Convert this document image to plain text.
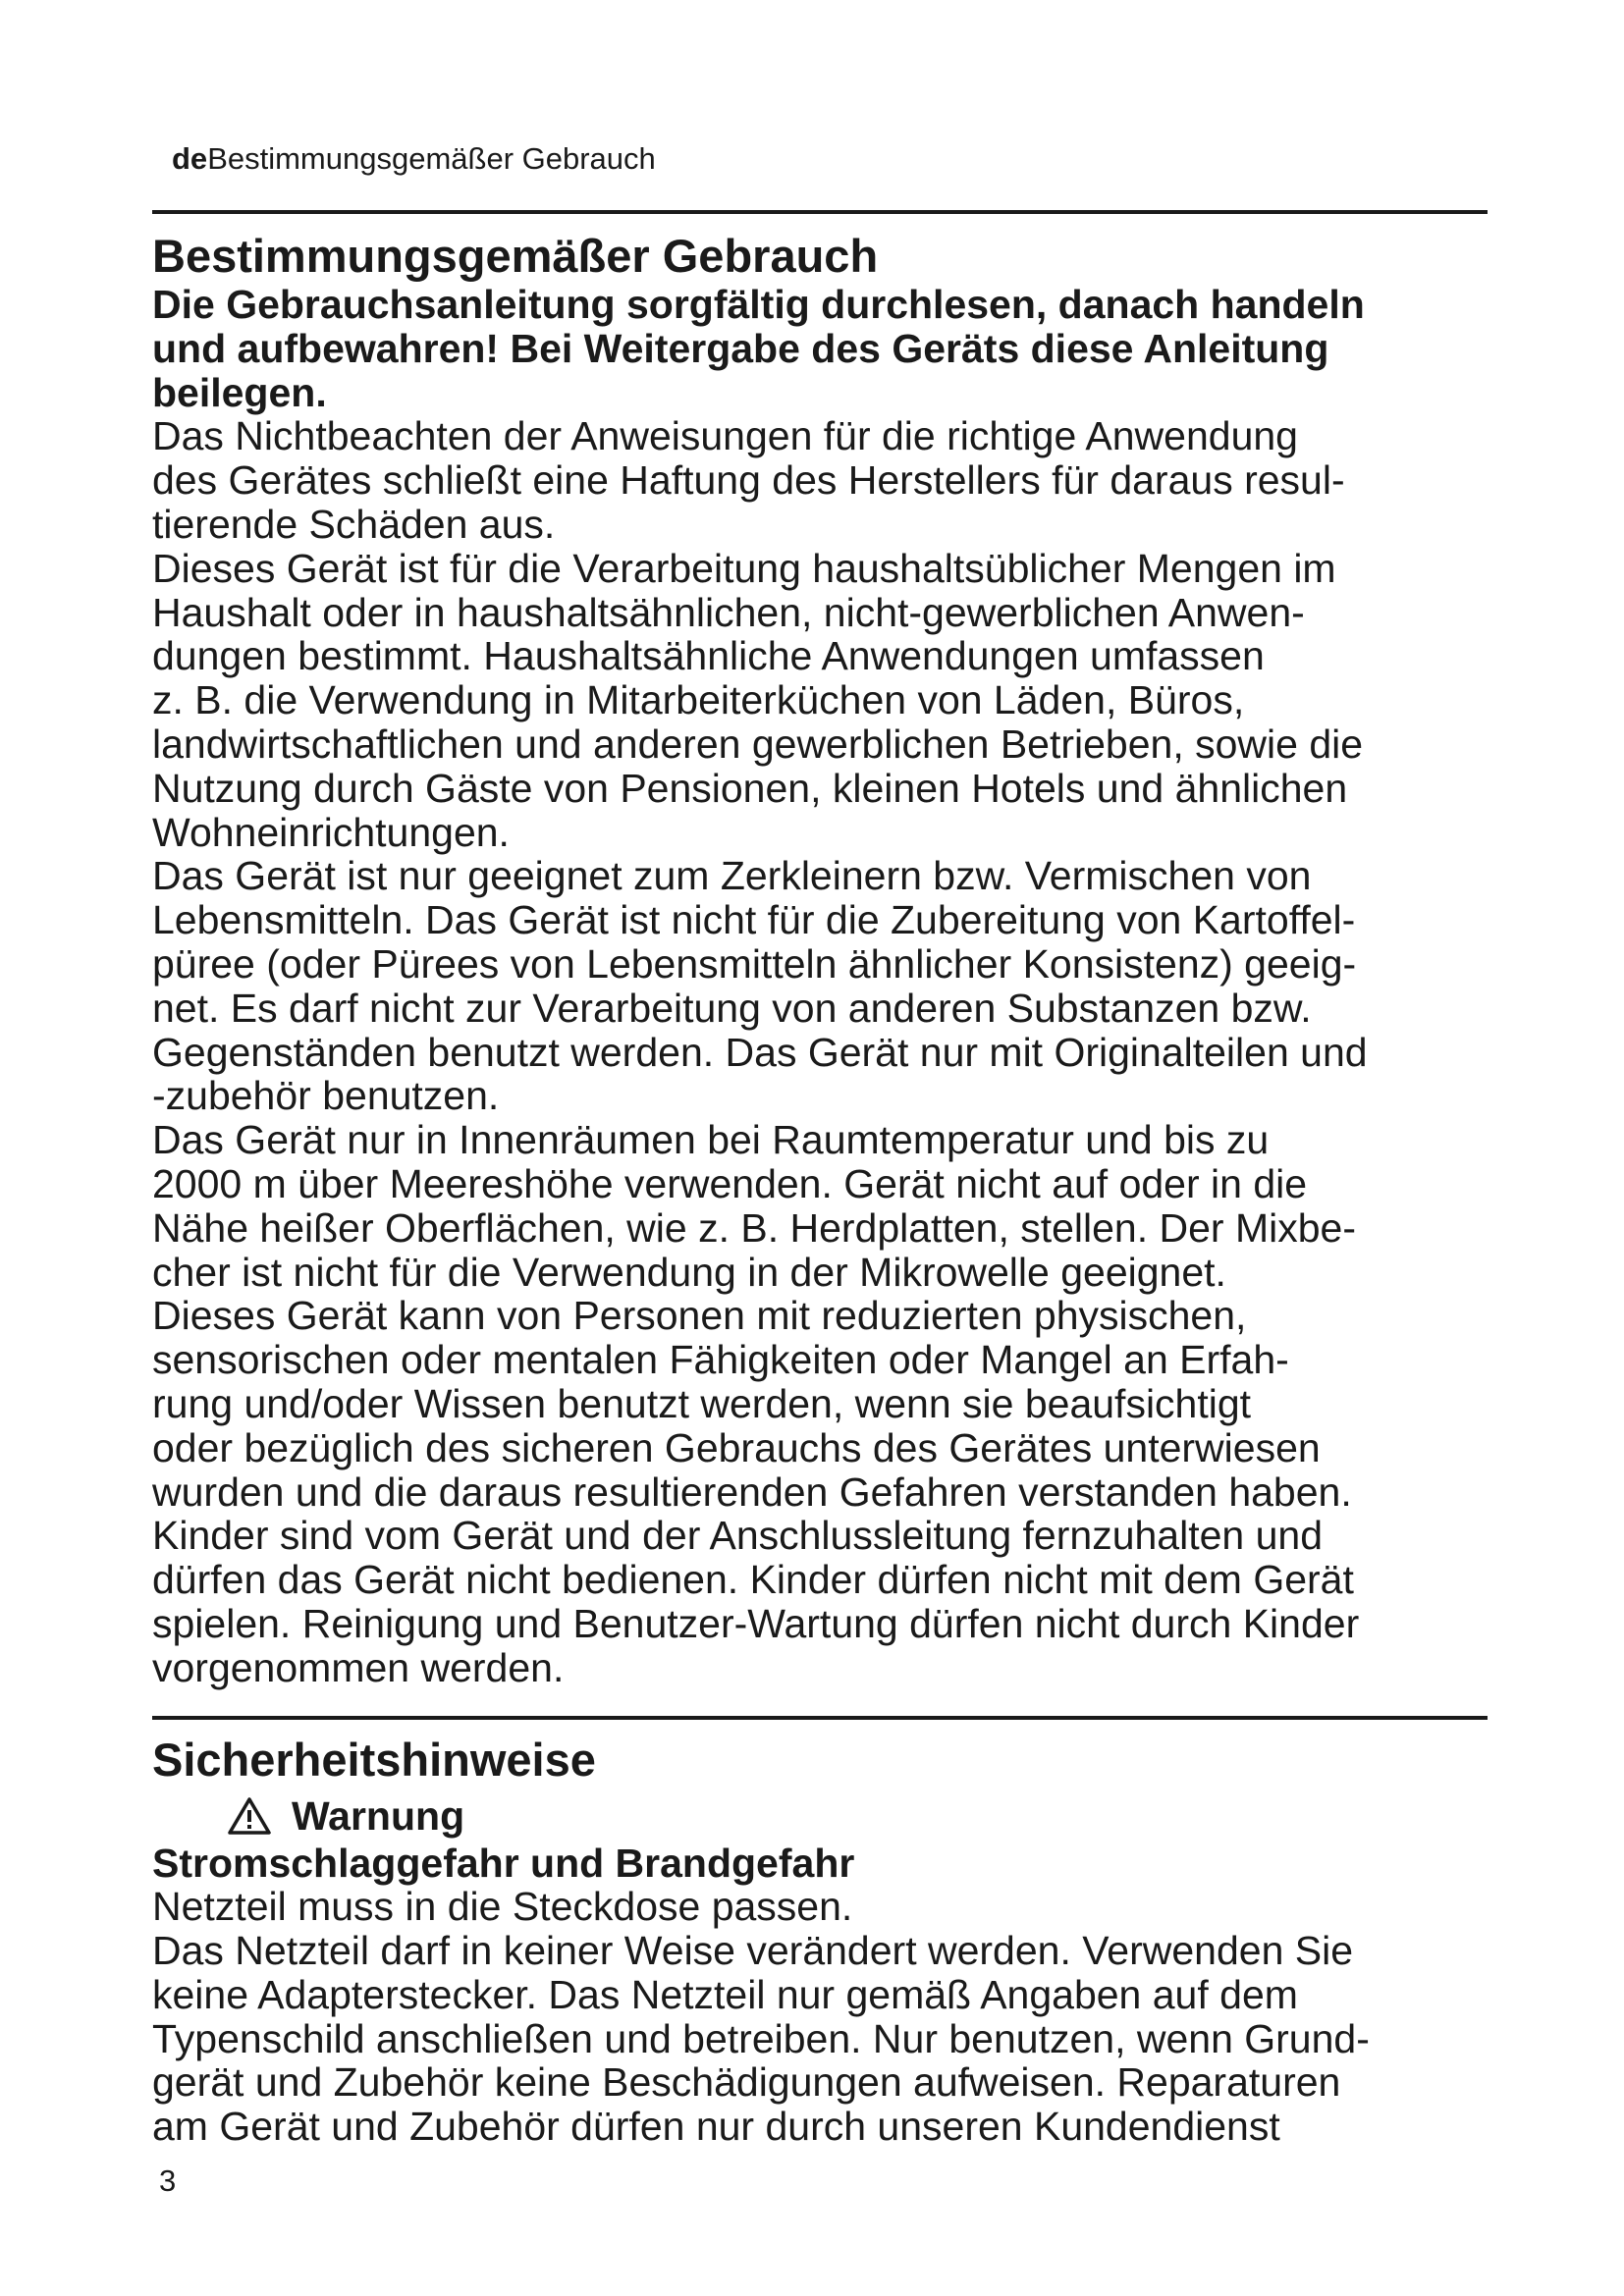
deBestimmungsgemäßer Gebrauch
Bestimmungsgemäßer Gebrauch

Die Gebrauchsanleitung sorgfältig durchlesen, danach handeln
und aufbewahren! Bei Weitergabe des Geräts diese Anleitung
beilegen.

Das Nichtbeachten der Anweisungen für die richtige Anwendung
des Gerätes schließt eine Haftung des Herstellers für daraus resul-
tierende Schäden aus.

Dieses Gerät ist für die Verarbeitung haushaltsüblicher Mengen im
Haushalt oder in haushaltsähnlichen, nicht-gewerblichen Anwen-
dungen bestimmt. Haushaltsähnliche Anwendungen umfassen
z. B. die Verwendung in Mitarbeiterküchen von Läden, Büros,
landwirtschaftlichen und anderen gewerblichen Betrieben, sowie die
Nutzung durch Gäste von Pensionen, kleinen Hotels und ähnlichen
Wohneinrichtungen.

Das Gerät ist nur geeignet zum Zerkleinern bzw. Vermischen von
Lebensmitteln. Das Gerät ist nicht für die Zubereitung von Kartoffel-
püree (oder Pürees von Lebensmitteln ähnlicher Konsistenz) geeig-
net. Es darf nicht zur Verarbeitung von anderen Substanzen bzw.
Gegenständen benutzt werden. Das Gerät nur mit Originalteilen und
-zubehör benutzen.

Das Gerät nur in Innenräumen bei Raumtemperatur und bis zu
2000 m über Meereshöhe verwenden. Gerät nicht auf oder in die
Nähe heißer Oberflächen, wie z. B. Herdplatten, stellen. Der Mixbe-
cher ist nicht für die Verwendung in der Mikrowelle geeignet.

Dieses Gerät kann von Personen mit reduzierten physischen,
sensorischen oder mentalen Fähigkeiten oder Mangel an Erfah-
rung und/oder Wissen benutzt werden, wenn sie beaufsichtigt
oder bezüglich des sicheren Gebrauchs des Gerätes unterwiesen
wurden und die daraus resultierenden Gefahren verstanden haben.
Kinder sind vom Gerät und der Anschlussleitung fernzuhalten und
dürfen das Gerät nicht bedienen. Kinder dürfen nicht mit dem Gerät
spielen. Reinigung und Benutzer-Wartung dürfen nicht durch Kinder
vorgenommen werden.

Sicherheitshinweise
Warnung

Stromschlaggefahr und Brandgefahr

Netzteil muss in die Steckdose passen.

Das Netzteil darf in keiner Weise verändert werden. Verwenden Sie
keine Adapterstecker. Das Netzteil nur gemäß Angaben auf dem
Typenschild anschließen und betreiben. Nur benutzen, wenn Grund-
gerät und Zubehör keine Beschädigungen aufweisen. Reparaturen
am Gerät und Zubehör dürfen nur durch unseren Kundendienst

3
